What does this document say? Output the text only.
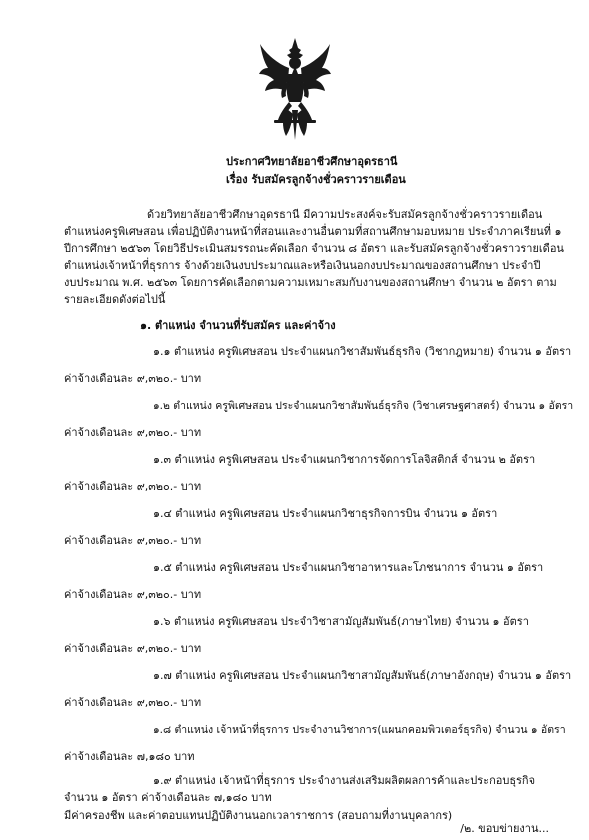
ประกาศวิทยาลัยอาชีวศึกษาอุดรธานี
เรื่อง รับสมัครลูกจ้างชั่วคราวรายเดือน
ด้วยวิทยาลัยอาชีวศึกษาอุดรธานี มีความประสงค์จะรับสมัครลูกจ้างชั่วคราวรายเดือน
ตำแหน่งครูพิเศษสอน เพื่อปฏิบัติงานหน้าที่สอนและงานอื่นตามที่สถานศึกษามอบหมาย ประจำภาคเรียนที่ ๑
ปีการศึกษา ๒๕๖๓ โดยวิธีประเมินสมรรถนะคัดเลือก จำนวน ๘ อัตรา และรับสมัครลูกจ้างชั่วคราวรายเดือน
ตำแหน่งเจ้าหน้าที่ธุรการ จ้างด้วยเงินงบประมาณและหรือเงินนอกงบประมาณของสถานศึกษา ประจำปี
งบประมาณ พ.ศ. ๒๕๖๓ โดยการคัดเลือกตามความเหมาะสมกับงานของสถานศึกษา จำนวน ๒ อัตรา ตาม
รายละเอียดดังต่อไปนี้
๑. ตำแหน่ง จำนวนที่รับสมัคร และค่าจ้าง
๑.๑ ตำแหน่ง ครูพิเศษสอน ประจำแผนกวิชาสัมพันธ์ธุรกิจ (วิชากฎหมาย) จำนวน ๑ อัตรา
ค่าจ้างเดือนละ ๙,๓๒๐.- บาท
๑.๒ ตำแหน่ง ครูพิเศษสอน ประจำแผนกวิชาสัมพันธ์ธุรกิจ (วิชาเศรษฐศาสตร์) จำนวน ๑ อัตรา
ค่าจ้างเดือนละ ๙,๓๒๐.- บาท
๑.๓ ตำแหน่ง ครูพิเศษสอน ประจำแผนกวิชาการจัดการโลจิสติกส์ จำนวน ๒ อัตรา
ค่าจ้างเดือนละ ๙,๓๒๐.- บาท
๑.๔ ตำแหน่ง ครูพิเศษสอน ประจำแผนกวิชาธุรกิจการบิน จำนวน ๑ อัตรา
ค่าจ้างเดือนละ ๙,๓๒๐.- บาท
๑.๕ ตำแหน่ง ครูพิเศษสอน ประจำแผนกวิชาอาหารและโภชนาการ จำนวน ๑ อัตรา
ค่าจ้างเดือนละ ๙,๓๒๐.- บาท
๑.๖ ตำแหน่ง ครูพิเศษสอน ประจำวิชาสามัญสัมพันธ์(ภาษาไทย) จำนวน ๑ อัตรา
ค่าจ้างเดือนละ ๙,๓๒๐.- บาท
๑.๗ ตำแหน่ง ครูพิเศษสอน ประจำแผนกวิชาสามัญสัมพันธ์(ภาษาอังกฤษ) จำนวน ๑ อัตรา
ค่าจ้างเดือนละ ๙,๓๒๐.- บาท
๑.๘ ตำแหน่ง เจ้าหน้าที่ธุรการ ประจำงานวิชาการ(แผนกคอมพิวเตอร์ธุรกิจ) จำนวน ๑ อัตรา
ค่าจ้างเดือนละ ๗,๑๘๐ บาท
๑.๙ ตำแหน่ง เจ้าหน้าที่ธุรการ ประจำงานส่งเสริมผลิตผลการค้าและประกอบธุรกิจ
จำนวน ๑ อัตรา ค่าจ้างเดือนละ ๗,๑๘๐ บาท
มีค่าครองชีพ และค่าตอบแทนปฏิบัติงานนอกเวลาราชการ (สอบถามที่งานบุคลากร)
/๒. ขอบข่ายงาน...
